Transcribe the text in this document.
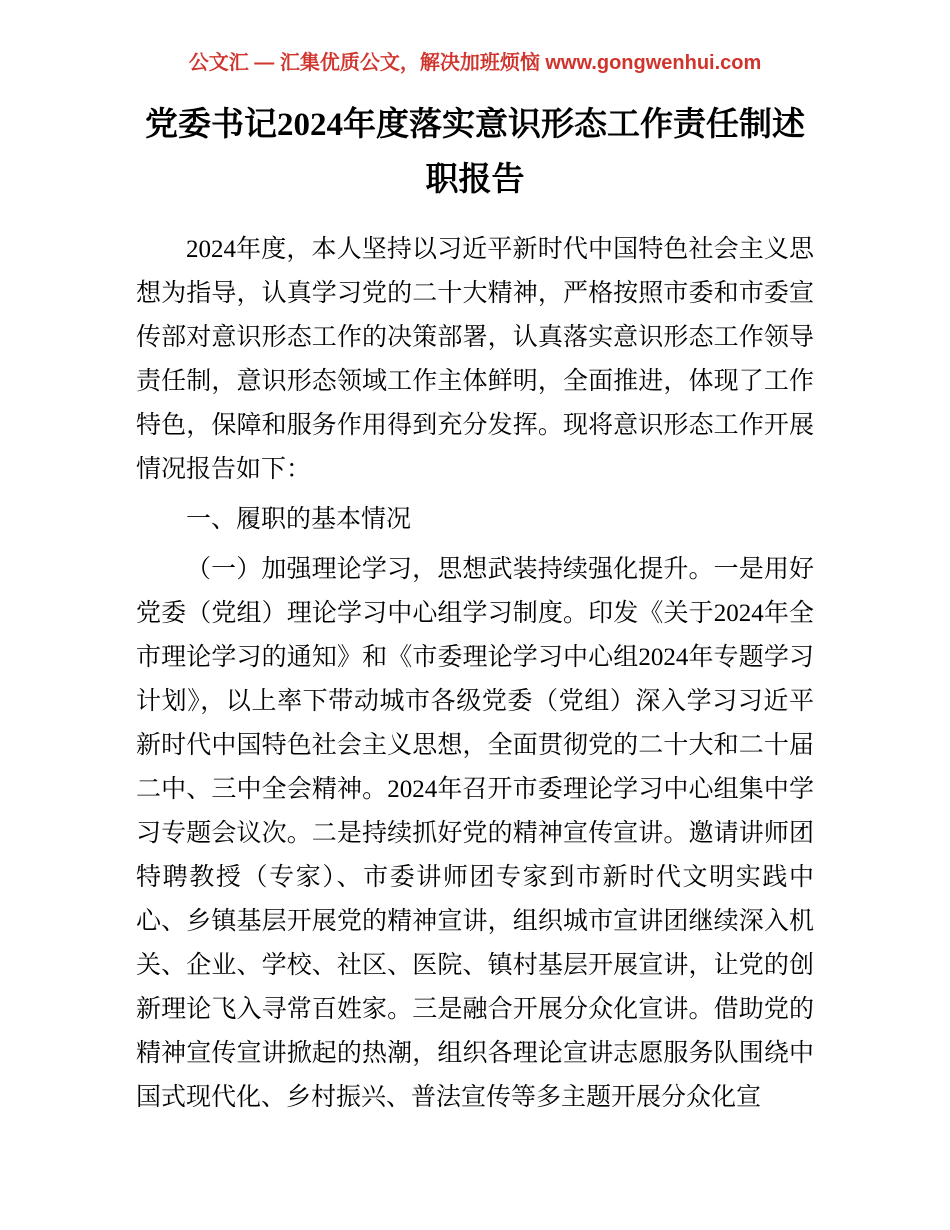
公文汇 — 汇集优质公文，解决加班烦恼 www.gongwenhui.com
党委书记2024年度落实意识形态工作责任制述职报告

2024年度，本人坚持以习近平新时代中国特色社会主义思想为指导，认真学习党的二十大精神，严格按照市委和市委宣传部对意识形态工作的决策部署，认真落实意识形态工作领导责任制，意识形态领域工作主体鲜明，全面推进，体现了工作特色，保障和服务作用得到充分发挥。现将意识形态工作开展情况报告如下：

一、履职的基本情况

（一）加强理论学习，思想武装持续强化提升。一是用好党委（党组）理论学习中心组学习制度。印发《关于2024年全市理论学习的通知》和《市委理论学习中心组2024年专题学习计划》，以上率下带动城市各级党委（党组）深入学习习近平新时代中国特色社会主义思想，全面贯彻党的二十大和二十届二中、三中全会精神。2024年召开市委理论学习中心组集中学习专题会议次。二是持续抓好党的精神宣传宣讲。邀请讲师团特聘教授（专家）、市委讲师团专家到市新时代文明实践中心、乡镇基层开展党的精神宣讲，组织城市宣讲团继续深入机关、企业、学校、社区、医院、镇村基层开展宣讲，让党的创新理论飞入寻常百姓家。三是融合开展分众化宣讲。借助党的精神宣传宣讲掀起的热潮，组织各理论宣讲志愿服务队围绕中国式现代化、乡村振兴、普法宣传等多主题开展分众化宣
